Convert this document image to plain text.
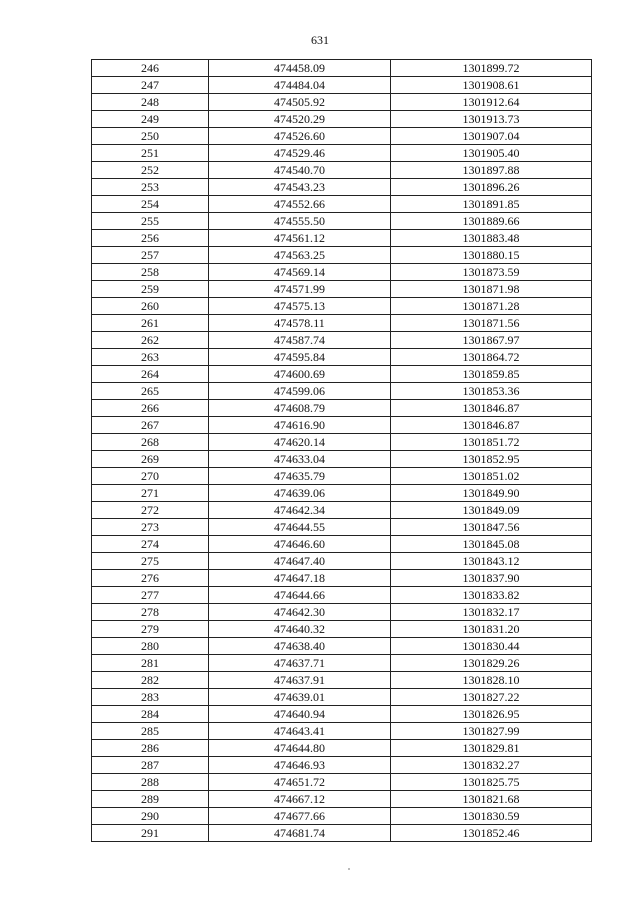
631
246	474458.09	1301899.72
247	474484.04	1301908.61
248	474505.92	1301912.64
249	474520.29	1301913.73
250	474526.60	1301907.04
251	474529.46	1301905.40
252	474540.70	1301897.88
253	474543.23	1301896.26
254	474552.66	1301891.85
255	474555.50	1301889.66
256	474561.12	1301883.48
257	474563.25	1301880.15
258	474569.14	1301873.59
259	474571.99	1301871.98
260	474575.13	1301871.28
261	474578.11	1301871.56
262	474587.74	1301867.97
263	474595.84	1301864.72
264	474600.69	1301859.85
265	474599.06	1301853.36
266	474608.79	1301846.87
267	474616.90	1301846.87
268	474620.14	1301851.72
269	474633.04	1301852.95
270	474635.79	1301851.02
271	474639.06	1301849.90
272	474642.34	1301849.09
273	474644.55	1301847.56
274	474646.60	1301845.08
275	474647.40	1301843.12
276	474647.18	1301837.90
277	474644.66	1301833.82
278	474642.30	1301832.17
279	474640.32	1301831.20
280	474638.40	1301830.44
281	474637.71	1301829.26
282	474637.91	1301828.10
283	474639.01	1301827.22
284	474640.94	1301826.95
285	474643.41	1301827.99
286	474644.80	1301829.81
287	474646.93	1301832.27
288	474651.72	1301825.75
289	474667.12	1301821.68
290	474677.66	1301830.59
291	474681.74	1301852.46
